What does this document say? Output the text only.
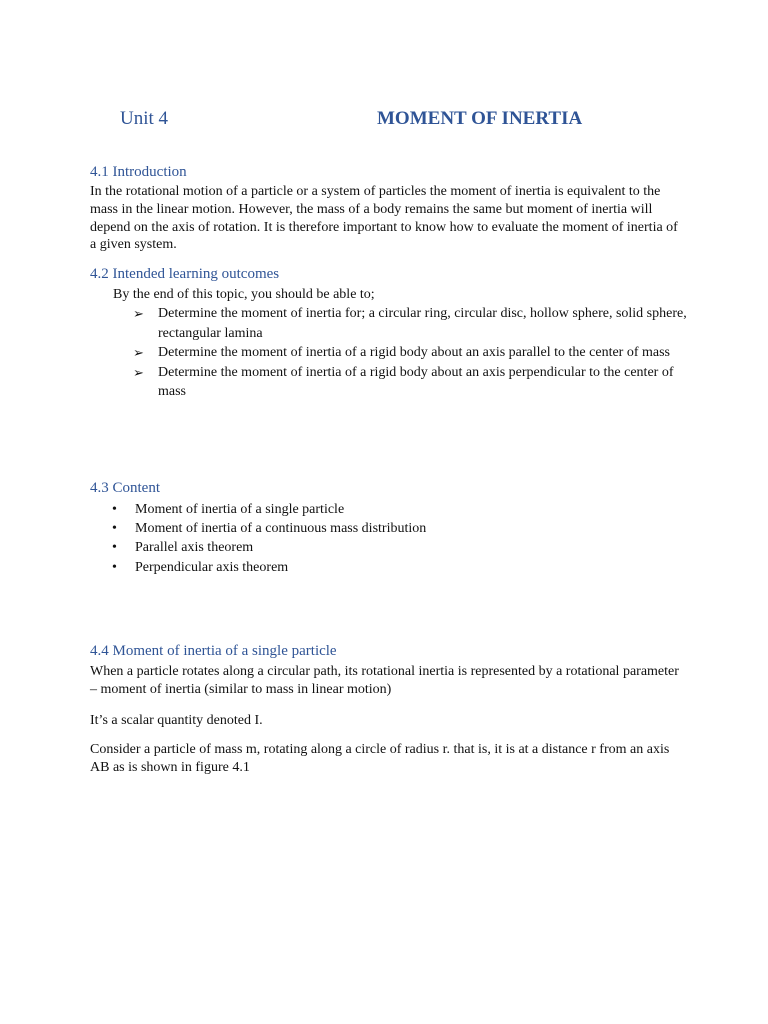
Unit 4	MOMENT OF INERTIA
4.1 Introduction
In the rotational motion of a particle or a system of particles the moment of inertia is equivalent to the mass in the linear motion. However, the mass of a body remains the same but moment of inertia will depend on the axis of rotation. It is therefore important to know how to evaluate the moment of inertia of a given system.
4.2 Intended learning outcomes
By the end of this topic, you should be able to;
➢ Determine the moment of inertia for; a circular ring, circular disc, hollow sphere, solid sphere, rectangular lamina
➢ Determine the moment of inertia of a rigid body about an axis parallel to the center of mass
➢ Determine the moment of inertia of a rigid body about an axis perpendicular to the center of mass
4.3 Content
• Moment of inertia of a single particle
• Moment of inertia of a continuous mass distribution
• Parallel axis theorem
• Perpendicular axis theorem
4.4 Moment of inertia of a single particle
When a particle rotates along a circular path, its rotational inertia is represented by a rotational parameter – moment of inertia (similar to mass in linear motion)
It’s a scalar quantity denoted I.
Consider a particle of mass m, rotating along a circle of radius r. that is, it is at a distance r from an axis AB as is shown in figure 4.1
